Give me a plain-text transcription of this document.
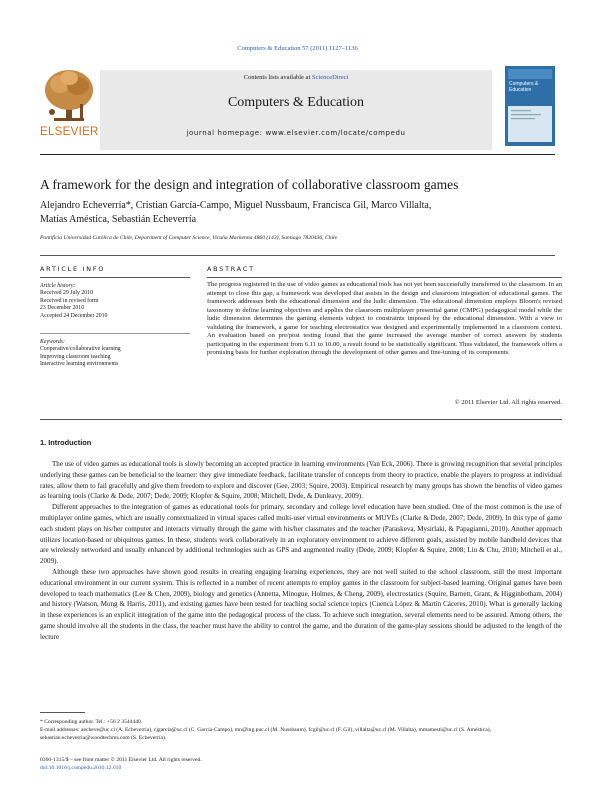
Computers & Education 57 (2011) 1127–1136
Contents lists available at ScienceDirect
Computers & Education
journal homepage: www.elsevier.com/locate/compedu
ELSEVIER
Computers & Education
A framework for the design and integration of collaborative classroom games
Alejandro Echeverría*, Cristian García-Campo, Miguel Nussbaum, Francisca Gil, Marco Villalta,
Matías Améstica, Sebastián Echeverría
Pontificia Universidad Católica de Chile, Department of Computer Science, Vicuña Mackenna 4860 (143), Santiago 7820436, Chile
ARTICLE INFO	ABSTRACT
Article history:
Received 29 July 2010
Received in revised form
23 December 2010
Accepted 24 December 2010
Keywords:
Cooperative/collaborative learning
Improving classroom teaching
Interactive learning environments
The progress registered in the use of video games as educational tools has not yet been successfully transferred to the classroom. In an attempt to close this gap, a framework was developed that assists in the design and classroom integration of educational games. The framework addresses both the educational dimension and the ludic dimension. The educational dimension employs Bloom's revised taxonomy to define learning objectives and applies the classroom multiplayer presential game (CMPG) pedagogical model while the ludic dimension determines the gaming elements subject to constraints imposed by the educational dimension. With a view to validating the framework, a game for teaching electrostatics was designed and experimentally implemented in a classroom context. An evaluation based on pre/post testing found that the game increased the average number of correct answers by students participating in the experiment from 6.11 to 10.00, a result found to be statistically significant. Thus validated, the framework offers a promising basis for further exploration through the development of other games and fine-tuning of its components.
© 2011 Elsevier Ltd. All rights reserved.
1. Introduction

The use of video games as educational tools is slowly becoming an accepted practice in learning environments (Van Eck, 2006). There is growing recognition that several principles underlying these games can be beneficial to the learner: they give immediate feedback, facilitate transfer of concepts from theory to practice, enable the players to progress at individual rates, allow them to fail gracefully and give them freedom to explore and discover (Gee, 2003; Squire, 2003). Empirical research by many groups has shown the benefits of video games as learning tools (Clarke & Dede, 2007; Dede, 2009; Klopfer & Squire, 2008; Mitchell, Dede, & Dunleavy, 2009).

Different approaches to the integration of games as educational tools for primary, secondary and college level education have been studied. One of the most common is the use of multiplayer online games, which are usually contextualized in virtual spaces called multi-user virtual environments or MUVEs (Clarke & Dede, 2007; Dede, 2009). In this type of game each student plays on his/her computer and interacts virtually through the game with his/her classmates and the teacher (Paraskeva, Mysirlaki, & Papagianni, 2010). Another approach utilizes location-based or ubiquitous games. In these, students work collaboratively in an exploratory environment to achieve different goals, assisted by mobile handheld devices that are wirelessly networked and usually enhanced by additional technologies such as GPS and augmented reality (Dede, 2009; Klopfer & Squire, 2008; Liu & Chu, 2010; Mitchell et al., 2009).

Although these two approaches have shown good results in creating engaging learning experiences, they are not well suited to the school classroom, still the most important educational environment in our current system. This is reflected in a number of recent attempts to employ games in the classroom for subject-based learning. Original games have been developed to teach mathematics (Lee & Chen, 2009), biology and genetics (Annetta, Minogue, Holmes, & Cheng, 2009), electrostatics (Squire, Barnett, Grant, & Higginbotham, 2004) and history (Watson, Mong & Harris, 2011), and existing games have been tested for teaching social science topics (Cuenca López & Martín Cáceres, 2010). What is generally lacking in these experiences is an explicit integration of the game into the pedagogical process of the class. To achieve such integration, several elements need to be assured. Among others, the game should involve all the students in the class, the teacher must have the ability to control the game, and the duration of the game-play sessions should be adjusted to the length of the lecture

* Corresponding author. Tel.: +56 2 3544440.
E-mail addresses: aecheve@uc.cl (A. Echeverría), cjgarcia@uc.cl (C. García-Campo), mn@ing.puc.cl (M. Nussbaum), fcgil@uc.cl (F. Gil), villalta@uc.cl (M. Villalta), mmamesti@uc.cl (S. Améstica), sebastian.echeverria@woodtechms.com (S. Echeverría).
0360-1315/$ – see front matter © 2011 Elsevier Ltd. All rights reserved.
doi:10.1016/j.compedu.2010.12.010
